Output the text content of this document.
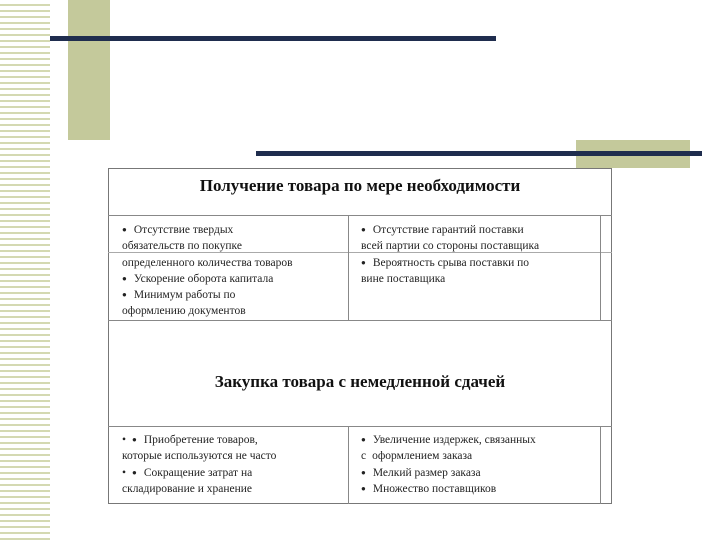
Получение товара по мере необходимости
● Отсутствие твердых
обязательств по покупке
определенного количества товаров
● Ускорение оборота капитала
● Минимум работы по
оформлению документов
● Отсутствие гарантий поставки
всей партии со стороны поставщика
● Вероятность срыва поставки по
вине поставщика
Закупка товара с немедленной сдачей
• ● Приобретение товаров,
которые используются не часто
• ● Сокращение затрат на
складирование и хранение
● Увеличение издержек, связанных
с оформлением заказа
● Мелкий размер заказа
● Множество поставщиков
